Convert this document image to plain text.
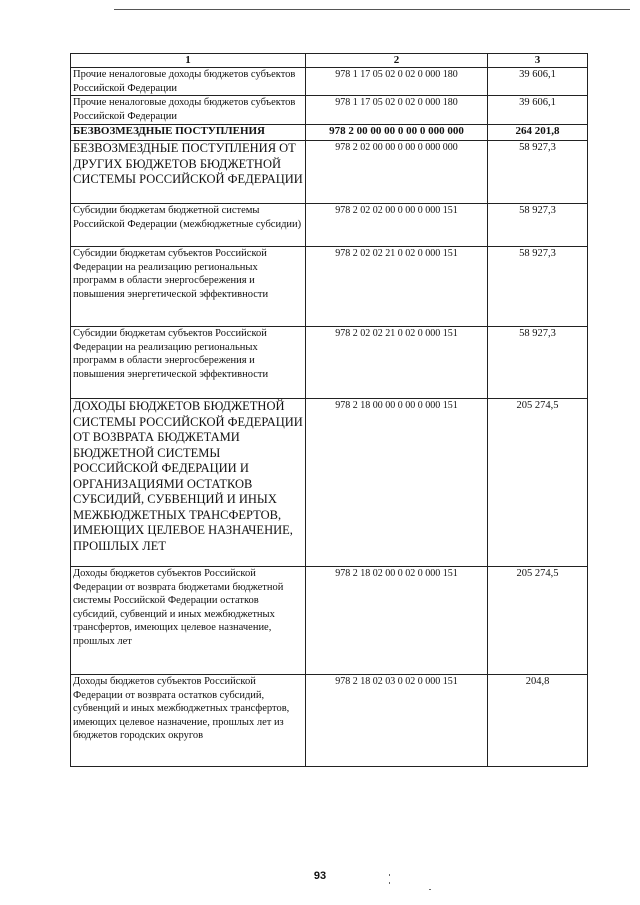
1	2	3
Прочие неналоговые доходы бюджетов субъектов Российской Федерации	978 1 17 05 02 0 02 0 000 180	39 606,1
Прочие неналоговые доходы бюджетов субъектов Российской Федерации	978 1 17 05 02 0 02 0 000 180	39 606,1
БЕЗВОЗМЕЗДНЫЕ ПОСТУПЛЕНИЯ	978 2 00 00 00 0 00 0 000 000	264 201,8
БЕЗВОЗМЕЗДНЫЕ ПОСТУПЛЕНИЯ ОТ ДРУГИХ БЮДЖЕТОВ БЮДЖЕТНОЙ СИСТЕМЫ РОССИЙСКОЙ ФЕДЕРАЦИИ	978 2 02 00 00 0 00 0 000 000	58 927,3
Субсидии бюджетам бюджетной системы Российской Федерации (межбюджетные субсидии)	978 2 02 02 00 0 00 0 000 151	58 927,3
Субсидии бюджетам субъектов Российской Федерации на реализацию региональных программ в области энергосбережения и повышения энергетической эффективности	978 2 02 02 21 0 02 0 000 151	58 927,3
Субсидии бюджетам субъектов Российской Федерации на реализацию региональных программ в области энергосбережения и повышения энергетической эффективности	978 2 02 02 21 0 02 0 000 151	58 927,3
ДОХОДЫ БЮДЖЕТОВ БЮДЖЕТНОЙ СИСТЕМЫ РОССИЙСКОЙ ФЕДЕРАЦИИ ОТ ВОЗВРАТА БЮДЖЕТАМИ БЮДЖЕТНОЙ СИСТЕМЫ РОССИЙСКОЙ ФЕДЕРАЦИИ И ОРГАНИЗАЦИЯМИ ОСТАТКОВ СУБСИДИЙ, СУБВЕНЦИЙ И ИНЫХ МЕЖБЮДЖЕТНЫХ ТРАНСФЕРТОВ, ИМЕЮЩИХ ЦЕЛЕВОЕ НАЗНАЧЕНИЕ, ПРОШЛЫХ ЛЕТ	978 2 18 00 00 0 00 0 000 151	205 274,5
Доходы бюджетов субъектов Российской Федерации от возврата бюджетами бюджетной системы Российской Федерации остатков субсидий, субвенций и иных межбюджетных трансфертов, имеющих целевое назначение, прошлых лет	978 2 18 02 00 0 02 0 000 151	205 274,5
Доходы бюджетов субъектов Российской Федерации от возврата остатков субсидий, субвенций и иных межбюджетных трансфертов, имеющих целевое назначение, прошлых лет из бюджетов городских округов	978 2 18 02 03 0 02 0 000 151	204,8
93
